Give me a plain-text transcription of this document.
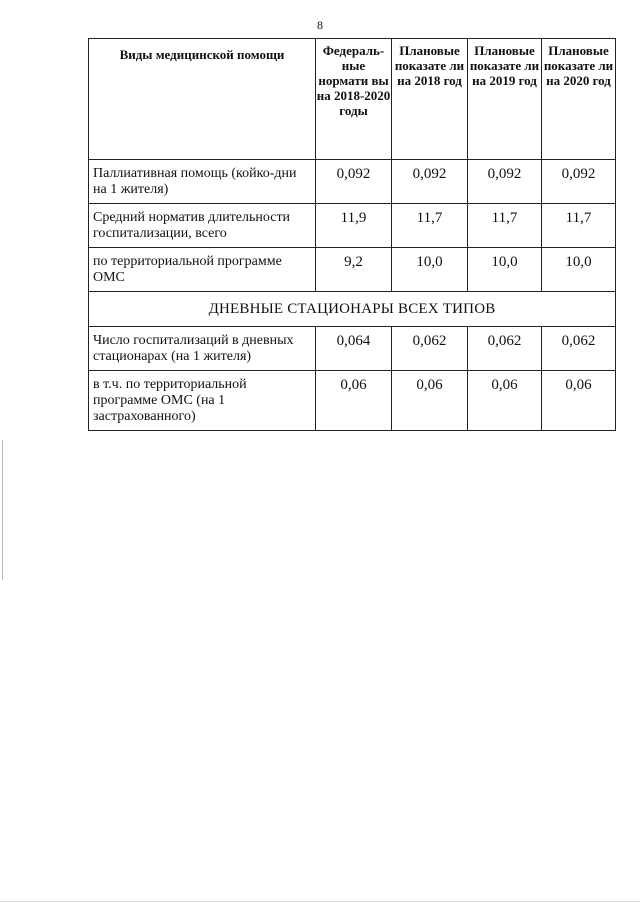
8
Виды медицинской помощи	Федераль-ные нормати вы на 2018-2020 годы	Плановые показате ли на 2018 год	Плановые показате ли на 2019 год	Плановые показате ли на 2020 год
Паллиативная помощь (койко-дни на 1 жителя)	0,092	0,092	0,092	0,092
Средний норматив длительности госпитализации, всего	11,9	11,7	11,7	11,7
по территориальной программе ОМС	9,2	10,0	10,0	10,0
ДНЕВНЫЕ СТАЦИОНАРЫ ВСЕХ ТИПОВ				
Число госпитализаций в дневных стационарах (на 1 жителя)	0,064	0,062	0,062	0,062
в т.ч. по территориальной программе ОМС (на 1 застрахованного)	0,06	0,06	0,06	0,06
